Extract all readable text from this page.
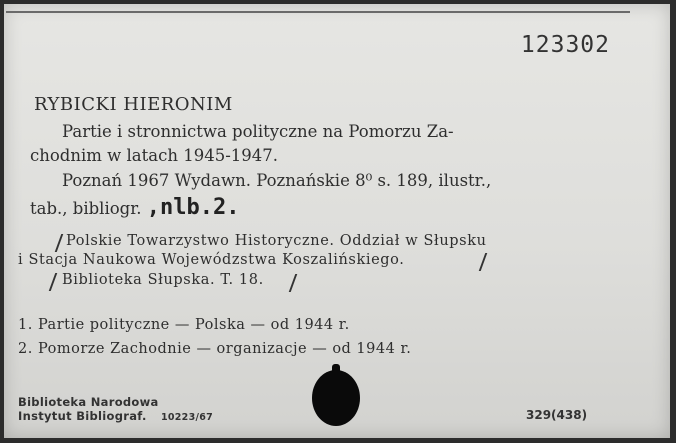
123302
RYBICKI HIERONIM
Partie i stronnictwa polityczne na Pomorzu Za-
chodnim w latach 1945-1947.
Poznań 1967 Wydawn. Poznańskie 8⁰ s. 189, ilustr.,
tab., bibliogr. ,nlb.2.
Polskie Towarzystwo Historyczne. Oddział w Słupsku
i Stacja Naukowa Wojewódzstwa Koszalińskiego.
Biblioteka Słupska. T. 18.
1. Partie polityczne — Polska — od 1944 r.
2. Pomorze Zachodnie — organizacje — od 1944 r.
Biblioteka Narodowa
Instytut Bibliograf. 10223/67	329(438)
